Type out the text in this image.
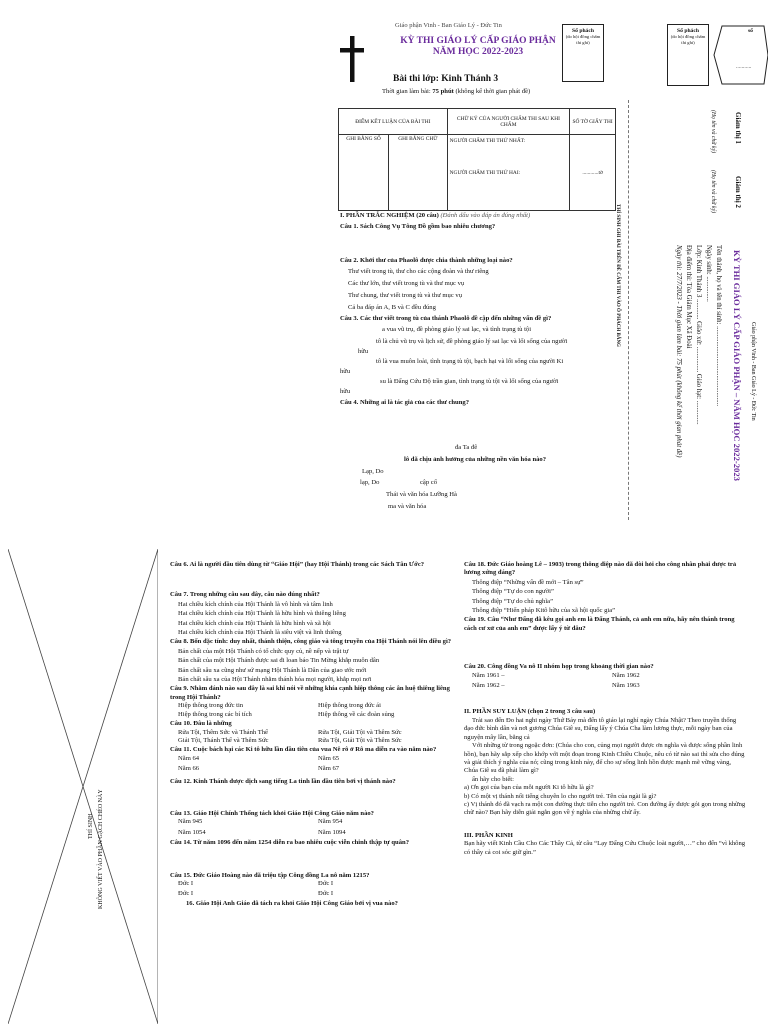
Giáo phận Vinh - Ban Giáo Lý - Đức Tin
KỲ THI GIÁO LÝ CẤP GIÁO PHẬN
NĂM HỌC 2022-2023
Bài thi lớp: Kinh Thánh 3
Thời gian làm bài: 75 phút (không kể thời gian phát đề)
Số phách
(do hội đồng chấm thi ghi)
Số phách
(do hội đồng chấm thi ghi)
số
...........
ĐIỂM KẾT LUẬN CỦA BÀI THI		CHỮ KÝ CỦA NGƯỜI CHẤM THI SAU KHI CHẤM	SỐ TỜ GIẤY THI
GHI BẰNG SỐ	GHI BẰNG CHỮ	NGƯỜI CHẤM THI THỨ NHẤT:
NGƯỜI CHẤM THI THỨ HAI:	............tờ
THÍ SINH GHI BÀI TRÊN ĐỀ CẤM THI VÀO Ô PHÁCH BẰNG
Giáo phận Vinh - Ban Giáo Lý - Đức Tin
KỲ THI GIÁO LÝ CẤP GIÁO PHẬN – NĂM HỌC 2022-2023
Tên thánh, họ và tên thí sinh: ...............................................
Ngày sinh: ...............
Lớp: Kinh Thánh 3 ............ Giáo xứ: ............... Giáo hạt: ..............
Địa điểm thi: Tòa Giám Mục Xã Đoài
Ngày thi: 27/7/2023 - Thời gian làm bài: 75 phút (không kể thời gian phát đề)
Giám thị 1
(Họ tên và chữ ký)
Giám thị 2
(Họ tên và chữ ký)
I. PHẦN TRẮC NGHIỆM (20 câu) (Đánh dấu vào đáp án đúng nhất)
Câu 1. Sách Công Vụ Tông Đồ gồm bao nhiêu chương?
Câu 2. Khởi thư của Phaolô được chia thành những loại nào?
Thư viết trong tù, thư cho các cộng đoàn và thư riêng
Các thư lớn, thư viết trong tù và thư mục vụ
Thư chung, thư viết trong tù và thư mục vụ
Cả ba đáp án A, B và C đều đúng
Câu 3. Các thư viết trong tù của thánh Phaolô đề cập đến những vấn đề gì?
a vua vũ trụ, đề phòng giáo lý sai lạc, và tình trạng tù tội
tô là chủ vũ trụ và lịch sử, đề phòng giáo lý sai lạc và lối sống của người
hữu
tô là vua muôn loài, tình trạng tù tội, bạch hại và lối sống của người Ki
hữu
su là Đấng Cứu Độ trần gian, tình trạng tù tội và lối sống của người
hữu
Câu 4. Những ai là tác giả của các thư chung?
đa Ta đê
lô đã chịu ảnh hưởng của những nền văn hóa nào?
Lạp, Do
lạp, Do	cập cổ
Thái và văn hóa Lưỡng Hà
ma và văn hóa
THÍ SINH KHÔNG VIẾT VÀO PHẦN GẠCH CHÉO NÀY
Câu 6. Ai là người đầu tiên dùng từ “Giáo Hội” (hay Hội Thánh) trong các Sách Tân Ước?
Câu 7. Trong những câu sau đây, câu nào đúng nhất?
Hai chiều kích chính của Hội Thánh là vô hình và tâm linh
Hai chiều kích chính của Hội Thánh là hữu hình và thiêng liêng
Hai chiều kích chính của Hội Thánh là hữu hình và xã hội
Hai chiều kích chính của Hội Thánh là siêu việt và linh thiêng
Câu 8. Bốn đặc tính: duy nhất, thánh thiện, công giáo và tông truyền của Hội Thánh nói lên điều gì?
Bản chất của một Hội Thánh có tổ chức quy củ, nề nếp và trật tự
Bản chất của một Hội Thánh được sai đi loan báo Tin Mừng khắp muôn dân
Bản chất sâu xa cũng như sứ mạng Hội Thánh là Dân của giao ước mới
Bản chất sâu xa của Hội Thánh nhằm thánh hóa mọi người, khắp mọi nơi
Câu 9. Nhằm đánh nào sau đây là sai khi nói về những khía cạnh hiệp thông các ân huệ thiêng liêng trong Hội Thánh?
Hiệp thông trong đức tin	Hiệp thông trong đức ái
Hiệp thông trong các bí tích	Hiệp thông về các đoàn sủng
Câu 10. Đâu là những
Rửa Tội, Thêm Sức và Thánh Thể	Rửa Tội, Giải Tội và Thêm Sức
Giải Tội, Thánh Thể và Thêm Sức	Rửa Tội, Giải Tội và Thêm Sức
Câu 11. Cuộc bách hại các Ki tô hữu lần đầu tiên của vua Nê rô ở Rô ma diễn ra vào năm nào?
Năm 64	Năm 65
Năm 66	Năm 67
Câu 12. Kinh Thánh được dịch sang tiếng La tinh lần đầu tiên bởi vị thánh nào?
Câu 13. Giáo Hội Chính Thống tách khỏi Giáo Hội Công Giáo năm nào?
Năm 945	Năm 954
Năm 1054	Năm 1094
Câu 14. Từ năm 1096 đến năm 1254 diễn ra bao nhiêu cuộc viễn chinh thập tự quân?
Câu 15. Đức Giáo Hoàng nào đã triệu tập Công đồng La nô năm 1215?
Đức I	Đức I
Đức I	Đức I
16. Giáo Hội Anh Giáo đã tách ra khỏi Giáo Hội Công Giáo bởi vị vua nào?
Câu 18. Đức Giáo hoàng Lê – 1903) trong thông điệp nào đã đòi hỏi cho công nhân phải được trả lương xứng đáng?
Thông điệp “Những vấn đề mới – Tân sự”
Thông điệp “Tự do con người”
Thông điệp “Tự do chủ nghĩa”
Thông điệp “Hiến pháp Kitô hữu của xã hội quốc gia”
Câu 19. Câu “Như Đấng đã kêu gọi anh em là Đấng Thánh, cả anh em nữa, hãy nên thánh trong cách cư xử của anh em” được lấy ý từ đâu?
Câu 20. Công đồng Va nô II nhóm họp trong khoảng thời gian nào?
Năm 1961 –	Năm 1962
Năm 1962 –	Năm 1963
II. PHẦN SUY LUẬN (chọn 2 trong 3 câu sau)
Trải sao đến Đo hai nghi ngày Thứ Bảy mà đến tô giáo lại nghỉ ngày Chúa Nhật? Theo truyền thống đạo đức bình dân và nơi gương Chúa Giê su, Đấng lấy ý Chúa Cha làm lương thực, mỗi ngày ban của nguyện mây lần, bằng cả
Với những từ trong ngoặc đơn: (Chúa cho con, củng mọi người được ơn nghĩa và được sống phần linh hồn), bạn hãy sắp xếp cho khớp với một đoạn trong Kinh Chiều Chuộc, nêu có từ nào sai thì sửa cho đúng và giải thích ý nghĩa của nó; cũng trong kinh này, để cho sự sống linh hồn được mạnh mẽ vững vàng, Chúa Giê su đã phải làm gì?
ẩn hãy cho biết:
a) Ơn gọi của bạn của mỗi người Ki tô hữu là gì?
b) Có một vị thánh nổi tiếng chuyên lo cho người trẻ. Tên của ngài là gì?
c) Vị thánh đó đã vạch ra một con đường thực tiễn cho người trẻ. Con đường ấy được gói gọn trong những chữ nào? Bạn hãy diễn giải ngắn gọn về ý nghĩa của những chữ ấy.
III. PHẦN KINH
Bạn hãy viết Kinh Cầu Cho Các Thầy Cả, từ câu “Lạy Đấng Cứu Chuộc loài người,…” cho đến “vì không có thầy cả coi sóc giữ gìn.”
